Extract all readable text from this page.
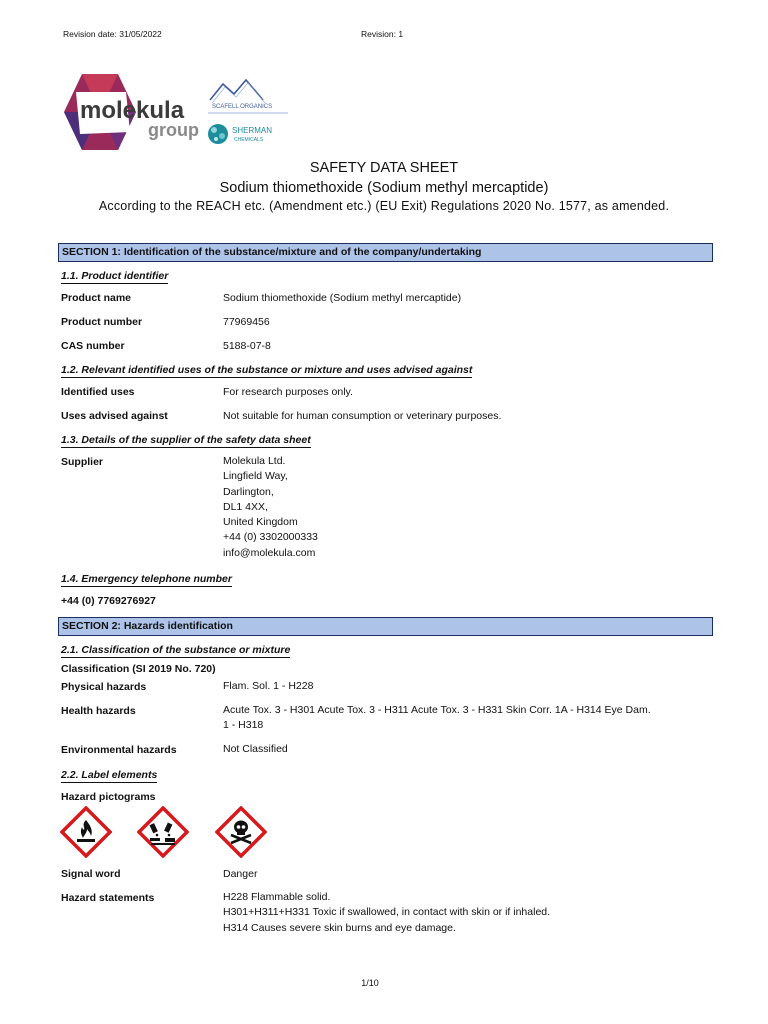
Revision date: 31/05/2022	Revision: 1
molekula
group
SCAFELL ORGANICS
SHERMAN
CHEMICALS
SAFETY DATA SHEET
Sodium thiomethoxide (Sodium methyl mercaptide)
According to the REACH etc. (Amendment etc.) (EU Exit) Regulations 2020 No. 1577, as amended.
SECTION 1: Identification of the substance/mixture and of the company/undertaking
1.1. Product identifier
Product name	Sodium thiomethoxide (Sodium methyl mercaptide)
Product number	77969456
CAS number	5188-07-8
1.2. Relevant identified uses of the substance or mixture and uses advised against
Identified uses	For research purposes only.
Uses advised against	Not suitable for human consumption or veterinary purposes.
1.3. Details of the supplier of the safety data sheet
Supplier	Molekula Ltd.
Lingfield Way,
Darlington,
DL1 4XX,
United Kingdom
+44 (0) 3302000333
info@molekula.com
1.4. Emergency telephone number
+44 (0) 7769276927
SECTION 2: Hazards identification
2.1. Classification of the substance or mixture
Classification (SI 2019 No. 720)
Physical hazards	Flam. Sol. 1 - H228
Health hazards	Acute Tox. 3 - H301 Acute Tox. 3 - H311 Acute Tox. 3 - H331 Skin Corr. 1A - H314 Eye Dam.
1 - H318
Environmental hazards	Not Classified
2.2. Label elements
Hazard pictograms
Signal word	Danger
Hazard statements	H228 Flammable solid.
H301+H311+H331 Toxic if swallowed, in contact with skin or if inhaled.
H314 Causes severe skin burns and eye damage.
1/10
